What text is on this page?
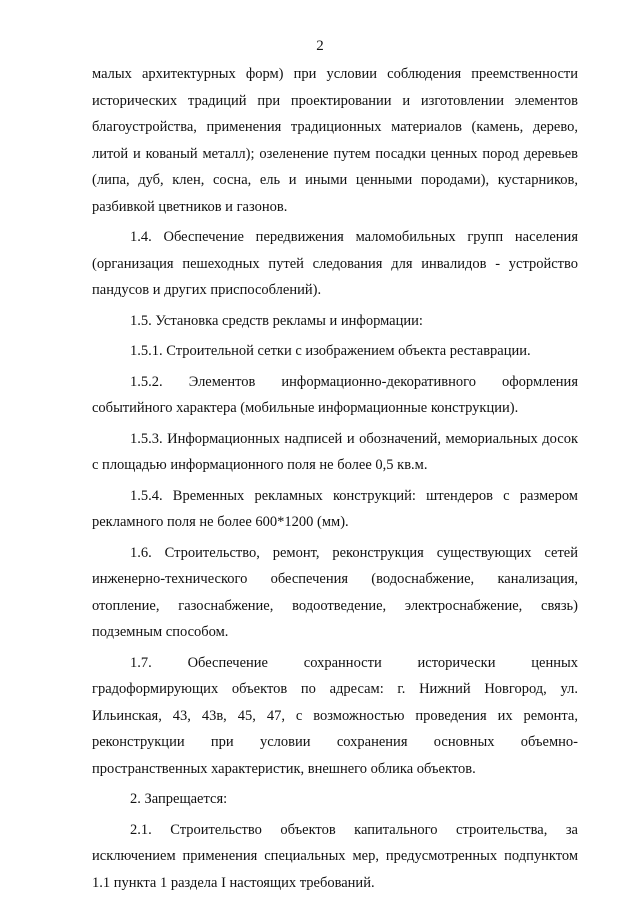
2

малых архитектурных форм) при условии соблюдения преемственности исторических традиций при проектировании и изготовлении элементов благоустройства, применения традиционных материалов (камень, дерево, литой и кованый металл); озеленение путем посадки ценных пород деревьев (липа, дуб, клен, сосна, ель и иными ценными породами), кустарников, разбивкой цветников и газонов.

1.4. Обеспечение передвижения маломобильных групп населения (организация пешеходных путей следования для инвалидов - устройство пандусов и других приспособлений).

1.5. Установка средств рекламы и информации:

1.5.1. Строительной сетки с изображением объекта реставрации.

1.5.2. Элементов информационно-декоративного оформления событийного характера (мобильные информационные конструкции).

1.5.3. Информационных надписей и обозначений, мемориальных досок с площадью информационного поля не более 0,5 кв.м.

1.5.4. Временных рекламных конструкций: штендеров с размером рекламного поля не более 600*1200 (мм).

1.6. Строительство, ремонт, реконструкция существующих сетей инженерно-технического обеспечения (водоснабжение, канализация, отопление, газоснабжение, водоотведение, электроснабжение, связь) подземным способом.

1.7. Обеспечение сохранности исторически ценных градоформирующих объектов по адресам: г. Нижний Новгород, ул. Ильинская, 43, 43в, 45, 47, с возможностью проведения их ремонта, реконструкции при условии сохранения основных объемно-пространственных характеристик, внешнего облика объектов.

2. Запрещается:

2.1. Строительство объектов капитального строительства, за исключением применения специальных мер, предусмотренных подпунктом 1.1 пункта 1 раздела I настоящих требований.
